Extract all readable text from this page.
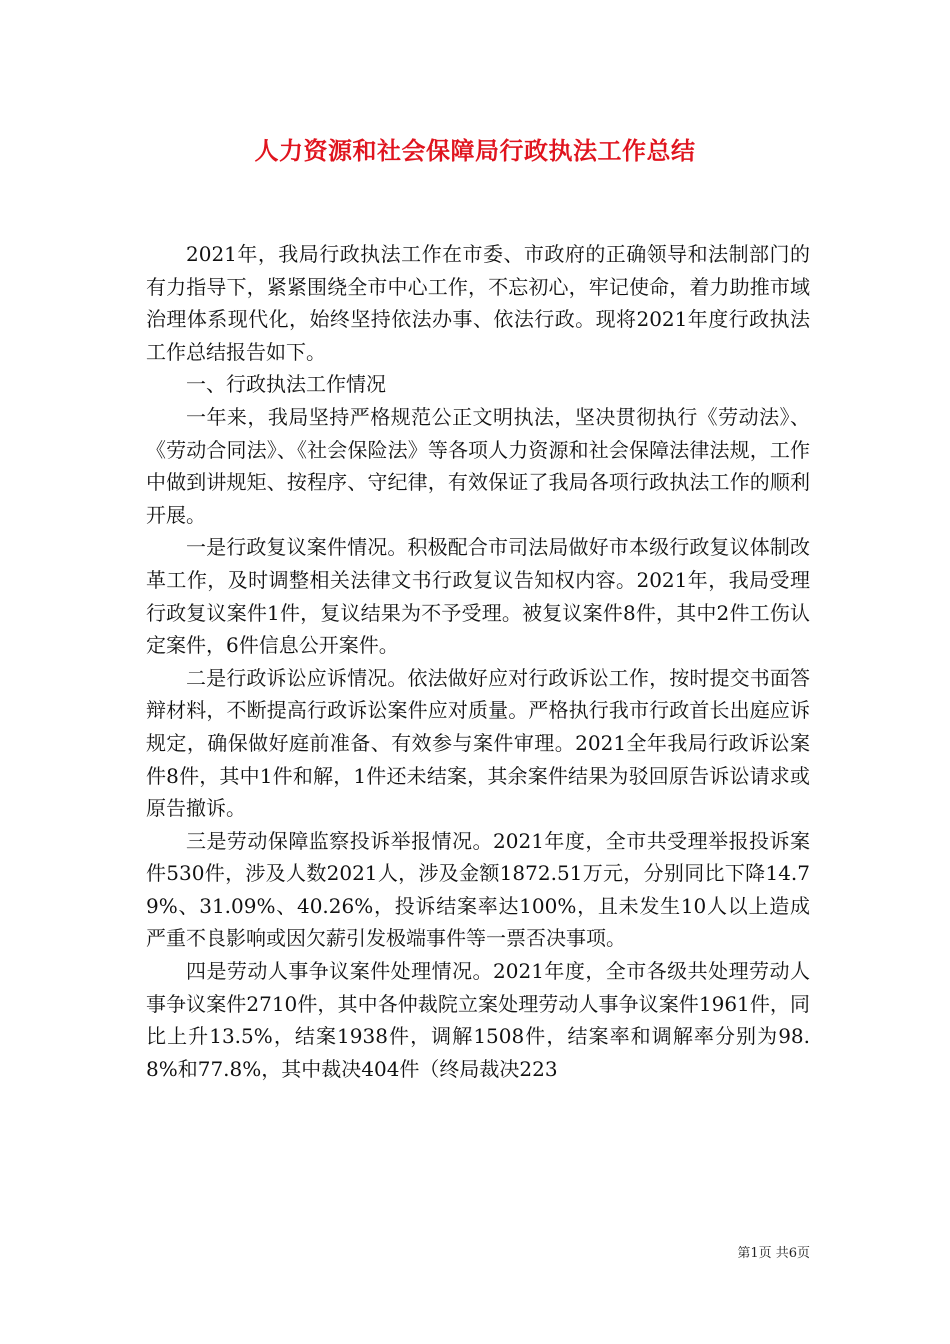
人力资源和社会保障局行政执法工作总结

2021年，我局行政执法工作在市委、市政府的正确领导和法制部门的有力指导下，紧紧围绕全市中心工作，不忘初心，牢记使命，着力助推市域治理体系现代化，始终坚持依法办事、依法行政。现将2021年度行政执法工作总结报告如下。

一、行政执法工作情况

一年来，我局坚持严格规范公正文明执法，坚决贯彻执行《劳动法》、《劳动合同法》、《社会保险法》等各项人力资源和社会保障法律法规，工作中做到讲规矩、按程序、守纪律，有效保证了我局各项行政执法工作的顺利开展。

一是行政复议案件情况。积极配合市司法局做好市本级行政复议体制改革工作，及时调整相关法律文书行政复议告知权内容。2021年，我局受理行政复议案件1件，复议结果为不予受理。被复议案件8件，其中2件工伤认定案件，6件信息公开案件。

二是行政诉讼应诉情况。依法做好应对行政诉讼工作，按时提交书面答辩材料，不断提高行政诉讼案件应对质量。严格执行我市行政首长出庭应诉规定，确保做好庭前准备、有效参与案件审理。2021全年我局行政诉讼案件8件，其中1件和解，1件还未结案，其余案件结果为驳回原告诉讼请求或原告撤诉。

三是劳动保障监察投诉举报情况。2021年度，全市共受理举报投诉案件530件，涉及人数2021人，涉及金额1872.51万元，分别同比下降14.79%、31.09%、40.26%，投诉结案率达100%，且未发生10人以上造成严重不良影响或因欠薪引发极端事件等一票否决事项。

四是劳动人事争议案件处理情况。2021年度，全市各级共处理劳动人事争议案件2710件，其中各仲裁院立案处理劳动人事争议案件1961件，同比上升13.5%，结案1938件，调解1508件，结案率和调解率分别为98.8%和77.8%，其中裁决404件（终局裁决223

第1页 共6页
